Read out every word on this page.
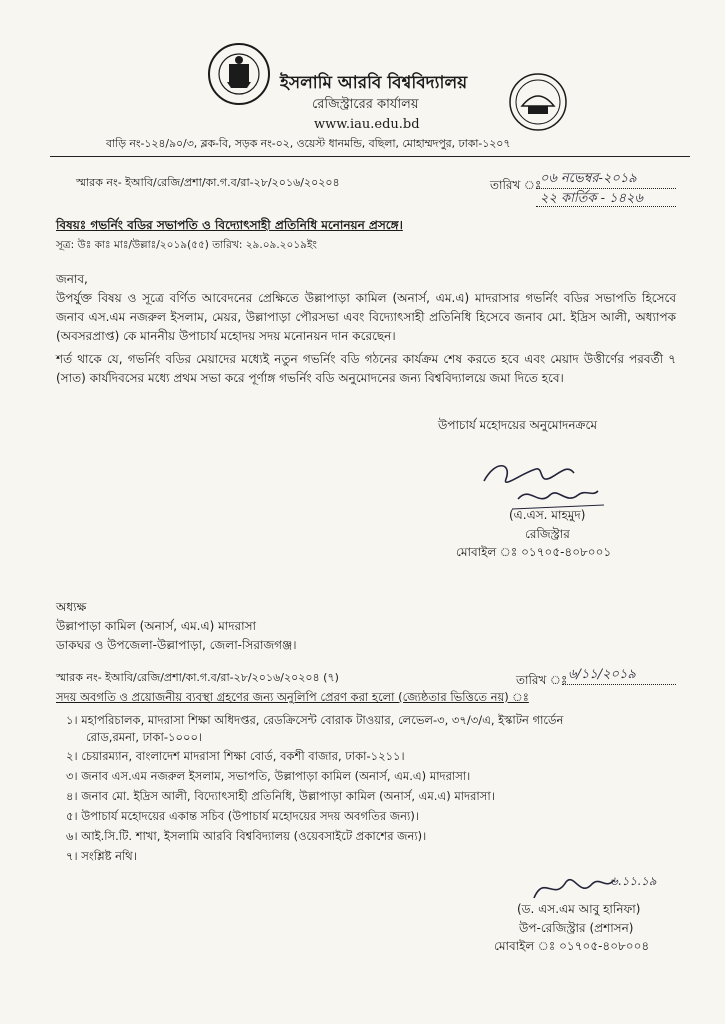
ইসলামি আরবি বিশ্ববিদ্যালয়
রেজিস্ট্রারের কার্যালয়
www.iau.edu.bd
বাড়ি নং-১২৪/৯০/৩, ব্লক-বি, সড়ক নং-০২, ওয়েস্ট ধানমন্ডি, বছিলা, মোহাম্মদপুর, ঢাকা-১২০৭
স্মারক নং- ইআবি/রেজি/প্রশা/কা.গ.ব/রা-২৮/২০১৬/২০২০৪	তারিখ ঃ
০৬ নভেম্বর-২০১৯
২২ কার্তিক - ১৪২৬
বিষয়ঃ গভর্নিং বডির সভাপতি ও বিদ্যোৎসাহী প্রতিনিধি মনোনয়ন প্রসঙ্গে।
সূত্র: উঃ কাঃ মাঃ/উল্লাঃ/২০১৯(৫৫) তারিখ: ২৯.০৯.২০১৯ইং
জনাব,
উপর্যুক্ত বিষয় ও সূত্রে বর্ণিত আবেদনের প্রেক্ষিতে উল্লাপাড়া কামিল (অনার্স, এম.এ) মাদরাসার গভর্নিং বডির সভাপতি হিসেবে জনাব এস.এম নজরুল ইসলাম, মেয়র, উল্লাপাড়া পৌরসভা এবং বিদ্যোৎসাহী প্রতিনিধি হিসেবে জনাব মো. ইদ্রিস আলী, অধ্যাপক (অবসরপ্রাপ্ত) কে মাননীয় উপাচার্য মহোদয় সদয় মনোনয়ন দান করেছেন।
শর্ত থাকে যে, গভর্নিং বডির মেয়াদের মধ্যেই নতুন গভর্নিং বডি গঠনের কার্যক্রম শেষ করতে হবে এবং মেয়াদ উত্তীর্ণের পরবর্তী ৭ (সাত) কার্যদিবসের মধ্যে প্রথম সভা করে পূর্ণাঙ্গ গভর্নিং বডি অনুমোদনের জন্য বিশ্ববিদ্যালয়ে জমা দিতে হবে।
উপাচার্য মহোদয়ের অনুমোদনক্রমে
(এ.এস. মাহমুদ)
রেজিস্ট্রার
মোবাইল ঃ ০১৭০৫-৪০৮০০১
অধ্যক্ষ
উল্লাপাড়া কামিল (অনার্স, এম.এ) মাদরাসা
ডাকঘর ও উপজেলা-উল্লাপাড়া, জেলা-সিরাজগঞ্জ।
স্মারক নং- ইআবি/রেজি/প্রশা/কা.গ.ব/রা-২৮/২০১৬/২০২০৪ (৭)	তারিখ ঃ ৬/১১/২০১৯
সদয় অবগতি ও প্রয়োজনীয় ব্যবস্থা গ্রহণের জন্য অনুলিপি প্রেরণ করা হলো (জ্যেষ্ঠতার ভিত্তিতে নয়) ঃ
১। মহাপরিচালক, মাদরাসা শিক্ষা অধিদপ্তর, রেডক্রিসেন্ট বোরাক টাওয়ার, লেভেল-৩, ৩৭/৩/এ, ইস্কাটন গার্ডেন
রোড,রমনা, ঢাকা-১০০০।
২। চেয়ারম্যান, বাংলাদেশ মাদরাসা শিক্ষা বোর্ড, বকশী বাজার, ঢাকা-১২১১।
৩। জনাব এস.এম নজরুল ইসলাম, সভাপতি, উল্লাপাড়া কামিল (অনার্স, এম.এ) মাদরাসা।
৪। জনাব মো. ইদ্রিস আলী, বিদ্যোৎসাহী প্রতিনিধি, উল্লাপাড়া কামিল (অনার্স, এম.এ) মাদরাসা।
৫। উপাচার্য মহোদয়ের একান্ত সচিব (উপাচার্য মহোদয়ের সদয় অবগতির জন্য)।
৬। আই.সি.টি. শাখা, ইসলামি আরবি বিশ্ববিদ্যালয় (ওয়েবসাইটে প্রকাশের জন্য)।
৭। সংশ্লিষ্ট নথি।
৬.১১.১৯
(ড. এস.এম আবু হানিফা)
উপ-রেজিস্ট্রার (প্রশাসন)
মোবাইল ঃ ০১৭০৫-৪০৮০০৪
